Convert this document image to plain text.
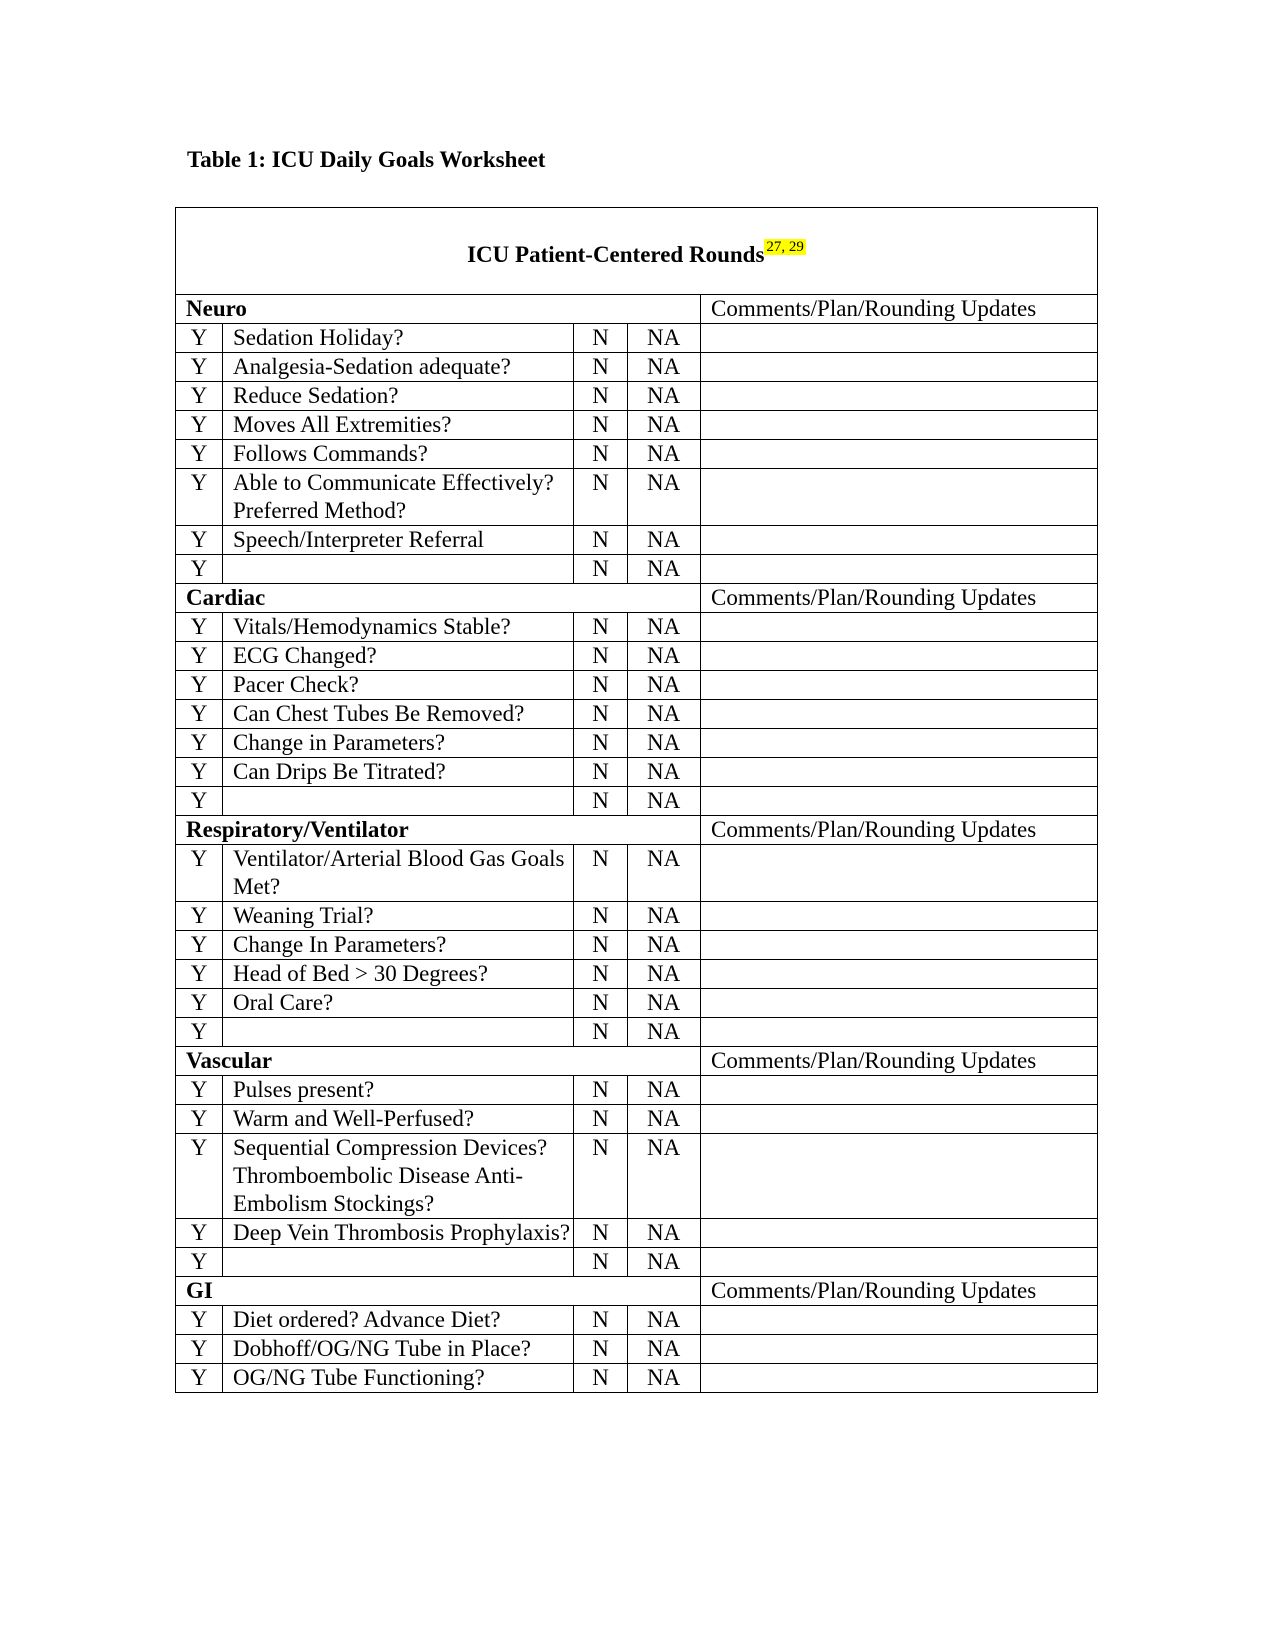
Table 1: ICU Daily Goals Worksheet
ICU Patient-Centered Rounds $^{27, 29}$
Neuro				Comments/Plan/Rounding Updates
Y	Sedation Holiday?	N	NA	
Y	Analgesia-Sedation adequate?	N	NA	
Y	Reduce Sedation?	N	NA	
Y	Moves All Extremities?	N	NA	
Y	Follows Commands?	N	NA	
Y	Able to Communicate Effectively? Preferred Method?	N	NA	
Y	Speech/Interpreter Referral	N	NA	
Y		N	NA	
Cardiac				Comments/Plan/Rounding Updates
Y	Vitals/Hemodynamics Stable?	N	NA	
Y	ECG Changed?	N	NA	
Y	Pacer Check?	N	NA	
Y	Can Chest Tubes Be Removed?	N	NA	
Y	Change in Parameters?	N	NA	
Y	Can Drips Be Titrated?	N	NA	
Y		N	NA	
Respiratory/Ventilator				Comments/Plan/Rounding Updates
Y	Ventilator/Arterial Blood Gas Goals Met?	N	NA	
Y	Weaning Trial?	N	NA	
Y	Change In Parameters?	N	NA	
Y	Head of Bed > 30 Degrees?	N	NA	
Y	Oral Care?	N	NA	
Y		N	NA	
Vascular				Comments/Plan/Rounding Updates
Y	Pulses present?	N	NA	
Y	Warm and Well-Perfused?	N	NA	
Y	Sequential Compression Devices? Thromboembolic Disease Anti-Embolism Stockings?	N	NA	
Y	Deep Vein Thrombosis Prophylaxis?	N	NA	
Y		N	NA	
GI				Comments/Plan/Rounding Updates
Y	Diet ordered? Advance Diet?	N	NA	
Y	Dobhoff/OG/NG Tube in Place?	N	NA	
Y	OG/NG Tube Functioning?	N	NA	
